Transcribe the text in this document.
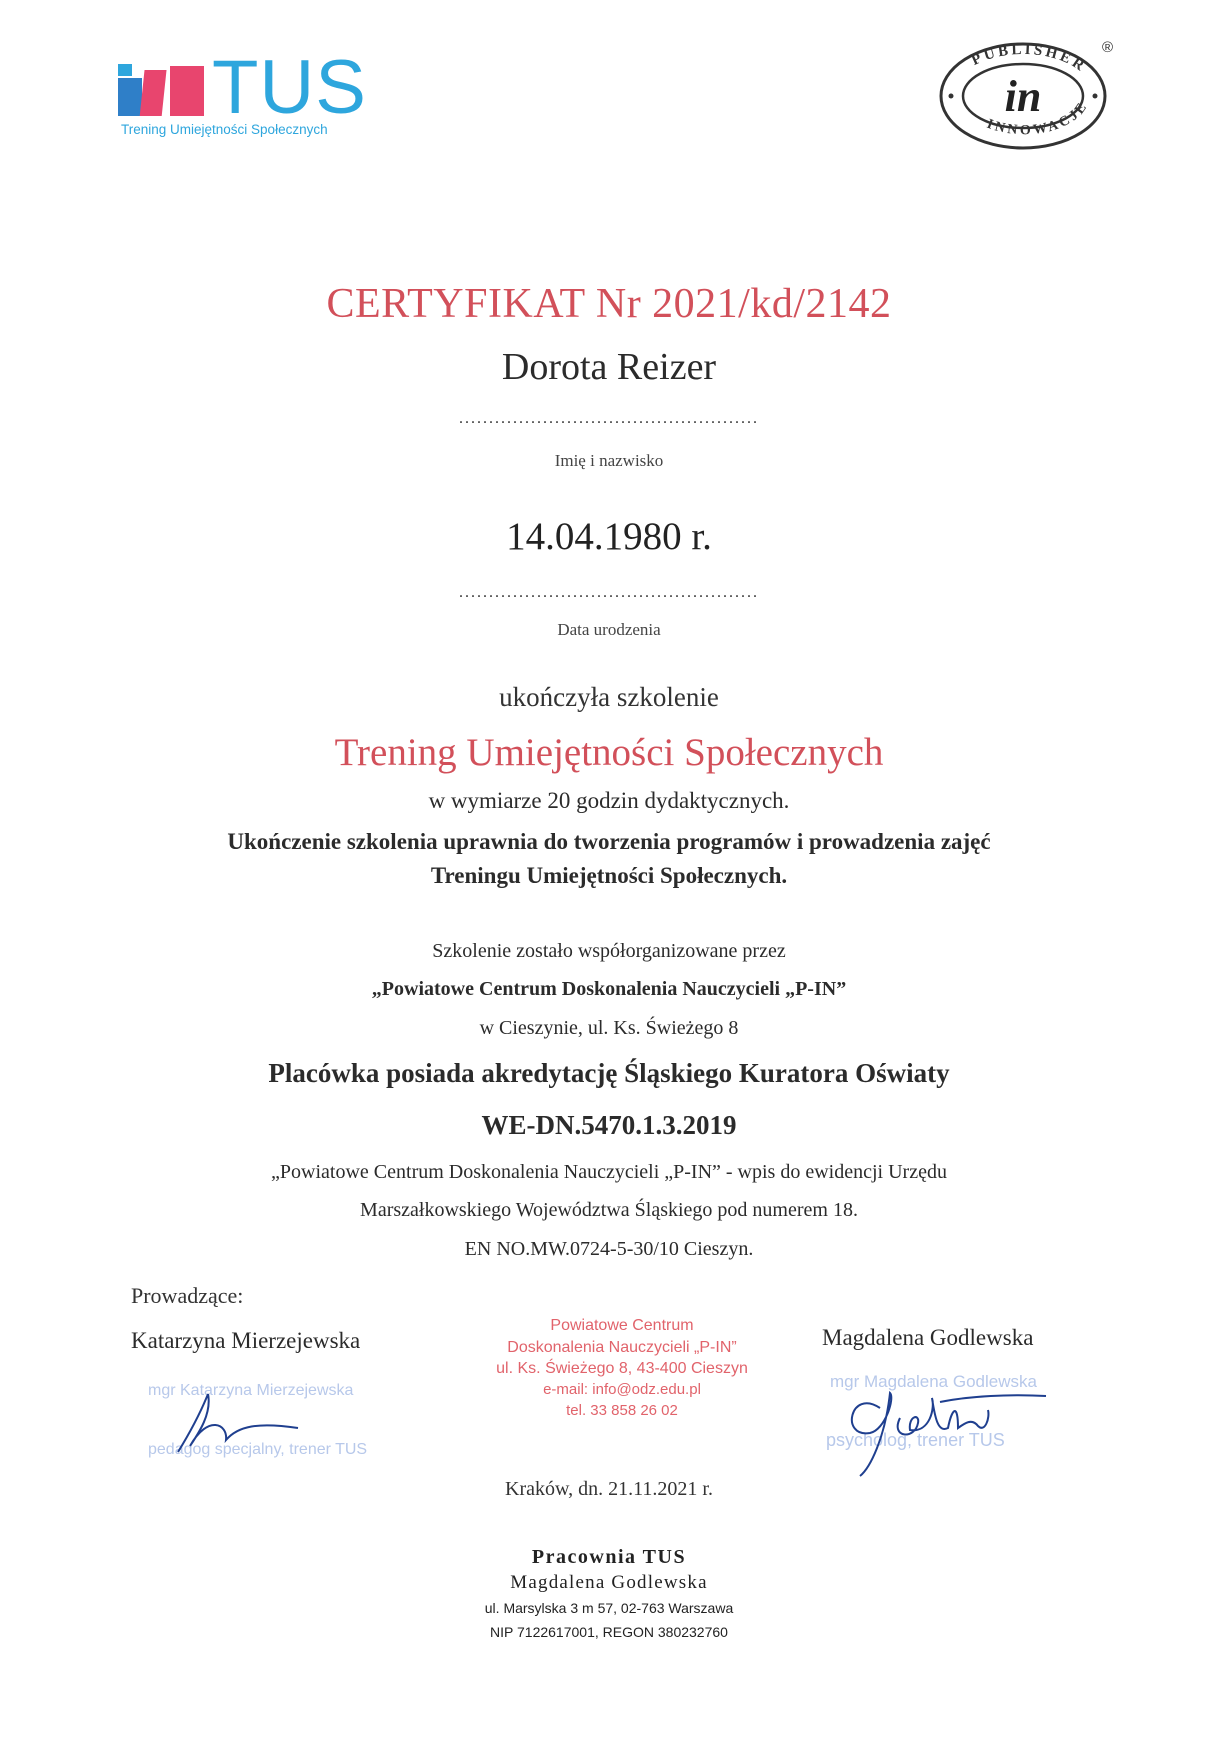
TUS
Trening Umiejętności Społecznych
PUBLISHER
INNOWACJE
in
®
CERTYFIKAT Nr 2021/kd/2142
Dorota Reizer
..................................................
Imię i nazwisko
14.04.1980 r.
..................................................
Data urodzenia
ukończyła szkolenie
Trening Umiejętności Społecznych
w wymiarze 20 godzin dydaktycznych.
Ukończenie szkolenia uprawnia do tworzenia programów i prowadzenia zajęć
Treningu Umiejętności Społecznych.
Szkolenie zostało współorganizowane przez
„Powiatowe Centrum Doskonalenia Nauczycieli „P-IN”
w Cieszynie, ul. Ks. Świeżego 8
Placówka posiada akredytację Śląskiego Kuratora Oświaty
WE-DN.5470.1.3.2019
„Powiatowe Centrum Doskonalenia Nauczycieli „P-IN” - wpis do ewidencji Urzędu
Marszałkowskiego Województwa Śląskiego pod numerem 18.
EN NO.MW.0724-5-30/10 Cieszyn.
Prowadzące:
Katarzyna Mierzejewska	Magdalena Godlewska
mgr Katarzyna Mierzejewska
pedagog specjalny, trener TUS
mgr Magdalena Godlewska
psycholog, trener TUS
Powiatowe Centrum
Doskonalenia Nauczycieli „P-IN”
ul. Ks. Świeżego 8, 43-400 Cieszyn
e-mail: info@odz.edu.pl
tel. 33 858 26 02
Kraków, dn. 21.11.2021 r.
Pracownia TUS
Magdalena Godlewska
ul. Marsylska 3 m 57, 02-763 Warszawa
NIP 7122617001, REGON 380232760
